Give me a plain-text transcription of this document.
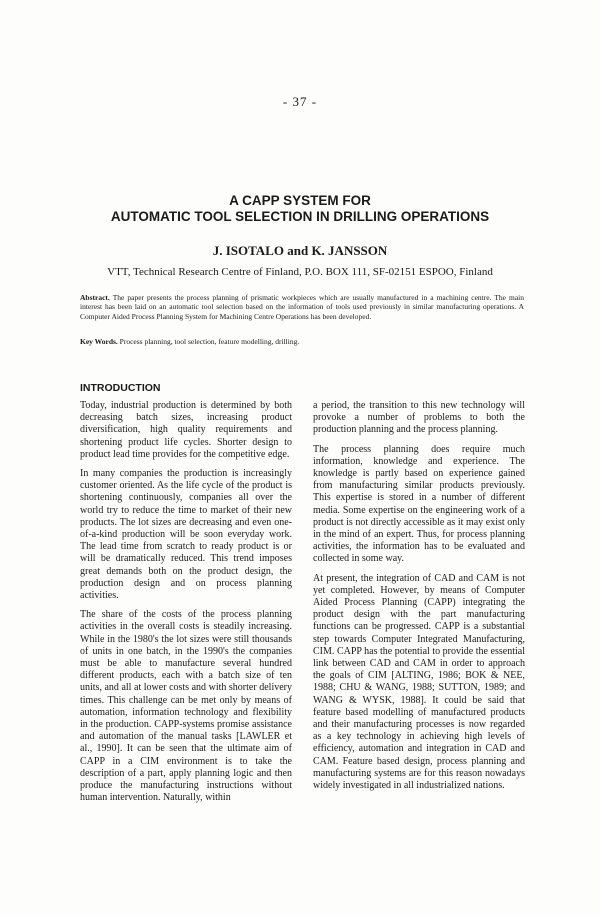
- 37 -
A CAPP SYSTEM FOR
AUTOMATIC TOOL SELECTION IN DRILLING OPERATIONS
J. ISOTALO and K. JANSSON
VTT, Technical Research Centre of Finland, P.O. BOX 111, SF-02151 ESPOO, Finland
Abstract. The paper presents the process planning of prismatic workpieces which are usually manufactured in a machining centre. The main interest has been laid on an automatic tool selection based on the information of tools used previously in similar manufacturing operations. A Computer Aided Process Planning System for Machining Centre Operations has been developed.
Key Words. Process planning, tool selection, feature modelling, drilling.
INTRODUCTION

Today, industrial production is determined by both decreasing batch sizes, increasing product diversification, high quality requirements and shortening product life cycles. Shorter design to product lead time provides for the competitive edge.

In many companies the production is increasingly customer oriented. As the life cycle of the product is shortening continuously, companies all over the world try to reduce the time to market of their new products. The lot sizes are decreasing and even one-of-a-kind production will be soon everyday work. The lead time from scratch to ready product is or will be dramatically reduced. This trend imposes great demands both on the product design, the production design and on process planning activities.

The share of the costs of the process planning activities in the overall costs is steadily increasing. While in the 1980's the lot sizes were still thousands of units in one batch, in the 1990's the companies must be able to manufacture several hundred different products, each with a batch size of ten units, and all at lower costs and with shorter delivery times. This challenge can be met only by means of automation, information technology and flexibility in the production. CAPP-systems promise assistance and automation of the manual tasks [LAWLER et al., 1990]. It can be seen that the ultimate aim of CAPP in a CIM environment is to take the description of a part, apply planning logic and then produce the manufacturing instructions without human intervention. Naturally, within

a period, the transition to this new technology will provoke a number of problems to both the production planning and the process planning.

The process planning does require much information, knowledge and experience. The knowledge is partly based on experience gained from manufacturing similar products previously. This expertise is stored in a number of different media. Some expertise on the engineering work of a product is not directly accessible as it may exist only in the mind of an expert. Thus, for process planning activities, the information has to be evaluated and collected in some way.

At present, the integration of CAD and CAM is not yet completed. However, by means of Computer Aided Process Planning (CAPP) integrating the product design with the part manufacturing functions can be progressed. CAPP is a substantial step towards Computer Integrated Manufacturing, CIM. CAPP has the potential to provide the essential link between CAD and CAM in order to approach the goals of CIM [ALTING, 1986; BOK & NEE, 1988; CHU & WANG, 1988; SUTTON, 1989; and WANG & WYSK, 1988]. It could be said that feature based modelling of manufactured products and their manufacturing processes is now regarded as a key technology in achieving high levels of efficiency, automation and integration in CAD and CAM. Feature based design, process planning and manufacturing systems are for this reason nowadays widely investigated in all industrialized nations.
